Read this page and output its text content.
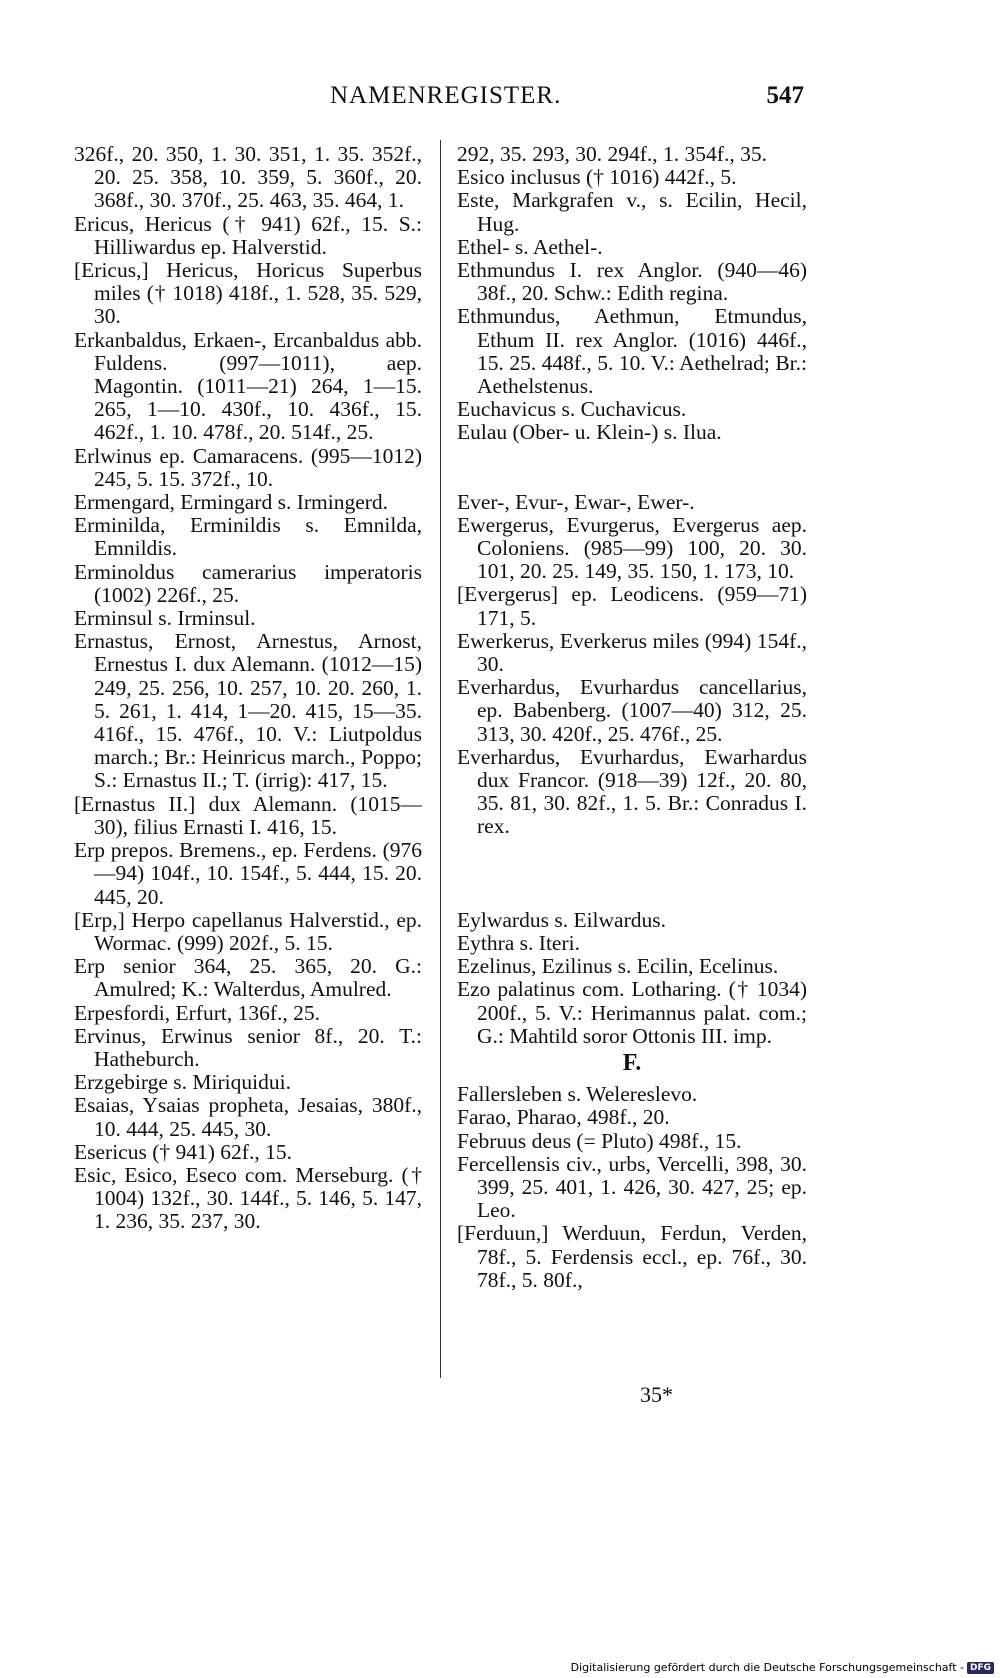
NAMENREGISTER.	547

326f., 20. 350, 1. 30. 351, 1. 35. 352f., 20. 25. 358, 10. 359, 5. 360f., 20. 368f., 30. 370f., 25. 463, 35. 464, 1.

Ericus, Hericus († 941) 62f., 15. S.: Hilliwardus ep. Halverstid.

[Ericus,] Hericus, Horicus Superbus miles († 1018) 418f., 1. 528, 35. 529, 30.

Erkanbaldus, Erkaen-, Ercanbaldus abb. Fuldens. (997—1011), aep. Magontin. (1011—21) 264, 1—15. 265, 1—10. 430f., 10. 436f., 15. 462f., 1. 10. 478f., 20. 514f., 25.

Erlwinus ep. Camaracens. (995—1012) 245, 5. 15. 372f., 10.

Ermengard, Ermingard s. Irmingerd.

Erminilda, Erminildis s. Emnilda, Emnildis.

Erminoldus camerarius imperatoris (1002) 226f., 25.

Erminsul s. Irminsul.

Ernastus, Ernost, Arnestus, Arnost, Ernestus I. dux Alemann. (1012—15) 249, 25. 256, 10. 257, 10. 20. 260, 1. 5. 261, 1. 414, 1—20. 415, 15—35. 416f., 15. 476f., 10. V.: Liutpoldus march.; Br.: Heinricus march., Poppo; S.: Ernastus II.; T. (irrig): 417, 15.

[Ernastus II.] dux Alemann. (1015—30), filius Ernasti I. 416, 15.

Erp prepos. Bremens., ep. Ferdens. (976—94) 104f., 10. 154f., 5. 444, 15. 20. 445, 20.

[Erp,] Herpo capellanus Halverstid., ep. Wormac. (999) 202f., 5. 15.

Erp senior 364, 25. 365, 20. G.: Amulred; K.: Walterdus, Amulred.

Erpesfordi, Erfurt, 136f., 25.

Ervinus, Erwinus senior 8f., 20. T.: Hatheburch.

Erzgebirge s. Miriquidui.

Esaias, Ysaias propheta, Jesaias, 380f., 10. 444, 25. 445, 30.

Esericus († 941) 62f., 15.

Esic, Esico, Eseco com. Merseburg. († 1004) 132f., 30. 144f., 5. 146, 5. 147, 1. 236, 35. 237, 30.

292, 35. 293, 30. 294f., 1. 354f., 35.

Esico inclusus († 1016) 442f., 5.

Este, Markgrafen v., s. Ecilin, Hecil, Hug.

Ethel- s. Aethel-.

Ethmundus I. rex Anglor. (940—46) 38f., 20. Schw.: Edith regina.

Ethmundus, Aethmun, Etmundus, Ethum II. rex Anglor. (1016) 446f., 15. 25. 448f., 5. 10. V.: Aethelrad; Br.: Aethelstenus.

Euchavicus s. Cuchavicus.

Eulau (Ober- u. Klein-) s. Ilua.

Ever-, Evur-, Ewar-, Ewer-.

Ewergerus, Evurgerus, Evergerus aep. Coloniens. (985—99) 100, 20. 30. 101, 20. 25. 149, 35. 150, 1. 173, 10.

[Evergerus] ep. Leodicens. (959—71) 171, 5.

Ewerkerus, Everkerus miles (994) 154f., 30.

Everhardus, Evurhardus cancellarius, ep. Babenberg. (1007—40) 312, 25. 313, 30. 420f., 25. 476f., 25.

Everhardus, Evurhardus, Ewarhardus dux Francor. (918—39) 12f., 20. 80, 35. 81, 30. 82f., 1. 5. Br.: Conradus I. rex.

Eylwardus s. Eilwardus.

Eythra s. Iteri.

Ezelinus, Ezilinus s. Ecilin, Ecelinus.

Ezo palatinus com. Lotharing. († 1034) 200f., 5. V.: Herimannus palat. com.; G.: Mahtild soror Ottonis III. imp.

F.

Fallersleben s. Welereslevo.

Farao, Pharao, 498f., 20.

Februus deus (= Pluto) 498f., 15.

Fercellensis civ., urbs, Vercelli, 398, 30. 399, 25. 401, 1. 426, 30. 427, 25; ep. Leo.

[Ferduun,] Werduun, Ferdun, Verden, 78f., 5. Ferdensis eccl., ep. 76f., 30. 78f., 5. 80f.,

35*
Digitalisierung gefördert durch die Deutsche Forschungsgemeinschaft - DFG
